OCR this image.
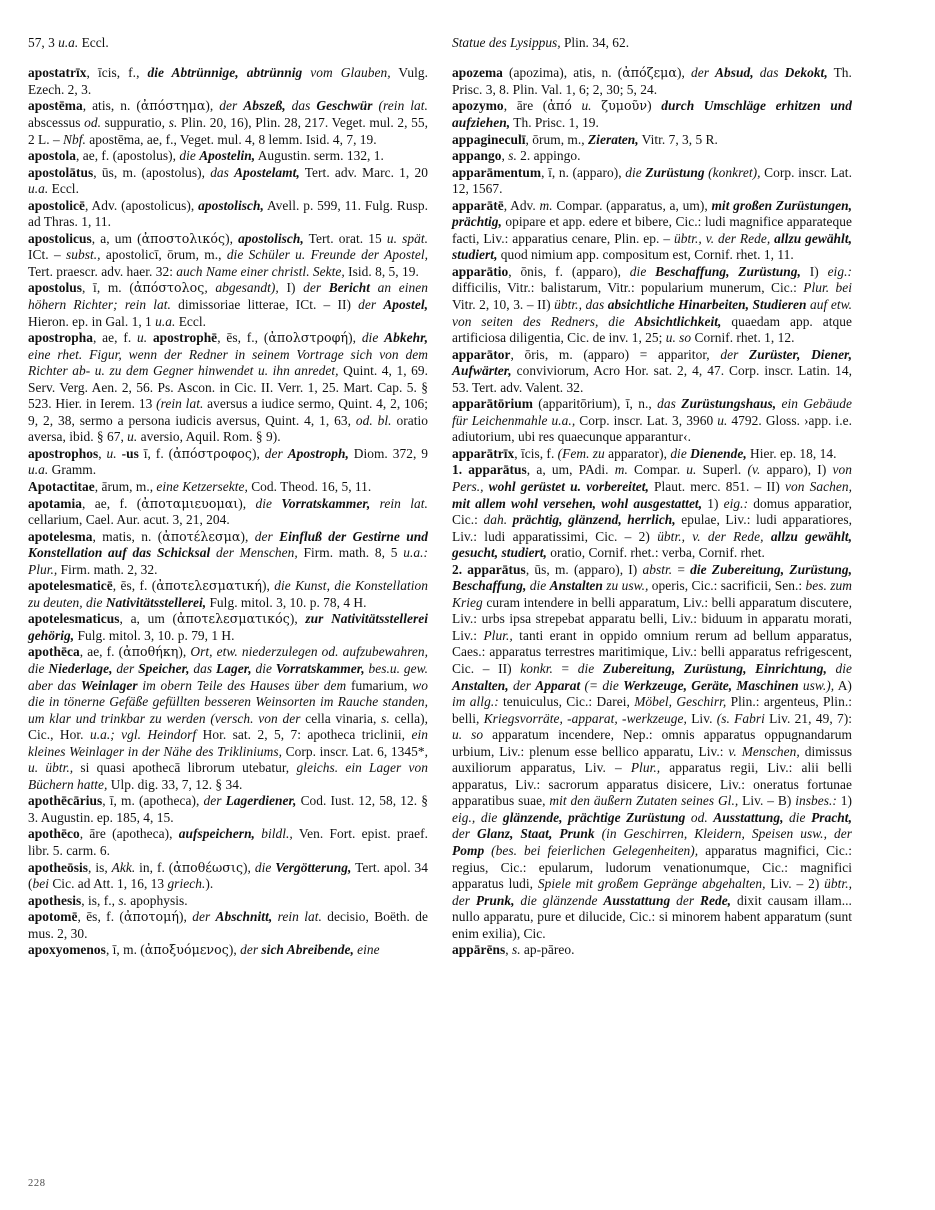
57, 3 u.a. Eccl.

apostatrīx, īcis, f., die Abtrünnige, abtrünnig vom Glauben, Vulg. Ezech. 2, 3.

apostēma, atis, n. (ἀπόστημα), der Abszeß, das Geschwür (rein lat. abscessus od. suppuratio, s. Plin. 20, 16), Plin. 28, 217. Veget. mul. 2, 55, 2 L. – Nbf. apostēma, ae, f., Veget. mul. 4, 8 lemm. Isid. 4, 7, 19.

apostola, ae, f. (apostolus), die Apostelin, Augustin. serm. 132, 1.

apostolātus, ūs, m. (apostolus), das Apostelamt, Tert. adv. Marc. 1, 20 u.a. Eccl.

apostolicē, Adv. (apostolicus), apostolisch, Avell. p. 599, 11. Fulg. Rusp. ad Thras. 1, 11.

apostolicus, a, um (ἀποστολικός), apostolisch, Tert. orat. 15 u. spät. ICt. – subst., apostolicī, ōrum, m., die Schüler u. Freunde der Apostel, Tert. praescr. adv. haer. 32: auch Name einer christl. Sekte, Isid. 8, 5, 19.

apostolus, ī, m. (ἀπόστολος, abgesandt), I) der Bericht an einen höhern Richter; rein lat. dimissoriae litterae, ICt. – II) der Apostel, Hieron. ep. in Gal. 1, 1 u.a. Eccl.

apostropha, ae, f. u. apostrophē, ēs, f., (ἀπολστροφή), die Abkehr, eine rhet. Figur, wenn der Redner in seinem Vortrage sich von dem Richter ab- u. zu dem Gegner hinwendet u. ihn anredet, Quint. 4, 1, 69. Serv. Verg. Aen. 2, 56. Ps. Ascon. in Cic. II. Verr. 1, 25. Mart. Cap. 5. § 523. Hier. in Ierem. 13 (rein lat. aversus a iudice sermo, Quint. 4, 2, 106; 9, 2, 38, sermo a persona iudicis aversus, Quint. 4, 1, 63, od. bl. oratio aversa, ibid. § 67, u. aversio, Aquil. Rom. § 9).

apostrophos, u. -us ī, f. (ἀπόστροφος), der Apostroph, Diom. 372, 9 u.a. Gramm.

Apotactitae, ārum, m., eine Ketzersekte, Cod. Theod. 16, 5, 11.

apotamia, ae, f. (ἀποταμιευομαι), die Vorratskammer, rein lat. cellarium, Cael. Aur. acut. 3, 21, 204.

apotelesma, matis, n. (ἀποτέλεσμα), der Einfluß der Gestirne und Konstellation auf das Schicksal der Menschen, Firm. math. 8, 5 u.a.: Plur., Firm. math. 2, 32.

apotelesmaticē, ēs, f. (ἀποτελεσματική), die Kunst, die Konstellation zu deuten, die Nativitätsstellerei, Fulg. mitol. 3, 10. p. 78, 4 H.

apotelesmaticus, a, um (ἀποτελεσματικός), zur Nativitätsstellerei gehörig, Fulg. mitol. 3, 10. p. 79, 1 H.

apothēca, ae, f. (ἀποθήκη), Ort, etw. niederzulegen od. aufzubewahren, die Niederlage, der Speicher, das Lager, die Vorratskammer, bes.u. gew. aber das Weinlager im obern Teile des Hauses über dem fumarium, wo die in tönerne Gefäße gefüllten besseren Weinsorten im Rauche standen, um klar und trinkbar zu werden (versch. von der cella vinaria, s. cella), Cic., Hor. u.a.; vgl. Heindorf Hor. sat. 2, 5, 7: apotheca triclinii, ein kleines Weinlager in der Nähe des Trikliniums, Corp. inscr. Lat. 6, 1345*, u. übtr., si quasi apothecā librorum utebatur, gleichs. ein Lager von Büchern hatte, Ulp. dig. 33, 7, 12. § 34.

apothēcārius, ī, m. (apotheca), der Lagerdiener, Cod. Iust. 12, 58, 12. § 3. Augustin. ep. 185, 4, 15.

apothēco, āre (apotheca), aufspeichern, bildl., Ven. Fort. epist. praef. libr. 5. carm. 6.

apotheōsis, is, Akk. in, f. (ἀποθέωσις), die Vergötterung, Tert. apol. 34 (bei Cic. ad Att. 1, 16, 13 griech.).

apothesis, is, f., s. apophysis.

apotomē, ēs, f. (ἀποτομή), der Abschnitt, rein lat. decisio, Boëth. de mus. 2, 30.

apoxyomenos, ī, m. (ἀποξυόμενος), der sich Abreibende, eine

Statue des Lysippus, Plin. 34, 62.

apozema (apozima), atis, n. (ἀπόζεμα), der Absud, das Dekokt, Th. Prisc. 3, 8. Plin. Val. 1, 6; 2, 30; 5, 24.

apozymo, āre (ἀπό u. ζυμοῦν) durch Umschläge erhitzen und aufziehen, Th. Prisc. 1, 19.

appagineculī, ōrum, m., Zieraten, Vitr. 7, 3, 5 R.

appango, s. 2. appingo.

apparāmentum, ī, n. (apparo), die Zurüstung (konkret), Corp. inscr. Lat. 12, 1567.

apparātē, Adv. m. Compar. (apparatus, a, um), mit großen Zurüstungen, prächtig, opipare et app. edere et bibere, Cic.: ludi magnifice apparateque facti, Liv.: apparatius cenare, Plin. ep. – übtr., v. der Rede, allzu gewählt, studiert, quod nimium app. compositum est, Cornif. rhet. 1, 11.

apparātio, ōnis, f. (apparo), die Beschaffung, Zurüstung, I) eig.: difficilis, Vitr.: balistarum, Vitr.: popularium munerum, Cic.: Plur. bei Vitr. 2, 10, 3. – II) übtr., das absichtliche Hinarbeiten, Studieren auf etw. von seiten des Redners, die Absichtlichkeit, quaedam app. atque artificiosa diligentia, Cic. de inv. 1, 25; u. so Cornif. rhet. 1, 12.

apparātor, ōris, m. (apparo) = apparitor, der Zurüster, Diener, Aufwärter, conviviorum, Acro Hor. sat. 2, 4, 47. Corp. inscr. Latin. 14, 53. Tert. adv. Valent. 32.

apparātōrium (apparitōrium), ī, n., das Zurüstungshaus, ein Gebäude für Leichenmahle u.a., Corp. inscr. Lat. 3, 3960 u. 4792. Gloss. ›app. i.e. adiutorium, ubi res quaecunque apparantur‹.

apparātrīx, īcis, f. (Fem. zu apparator), die Dienende, Hier. ep. 18, 14.

1. apparātus, a, um, PAdi. m. Compar. u. Superl. (v. apparo), I) von Pers., wohl gerüstet u. vorbereitet, Plaut. merc. 851. – II) von Sachen, mit allem wohl versehen, wohl ausgestattet, 1) eig.: domus apparatior, Cic.: dah. prächtig, glänzend, herrlich, epulae, Liv.: ludi apparatiores, Liv.: ludi apparatissimi, Cic. – 2) übtr., v. der Rede, allzu gewählt, gesucht, studiert, oratio, Cornif. rhet.: verba, Cornif. rhet.

2. apparātus, ūs, m. (apparo), I) abstr. = die Zubereitung, Zurüstung, Beschaffung, die Anstalten zu usw., operis, Cic.: sacrificii, Sen.: bes. zum Krieg curam intendere in belli apparatum, Liv.: belli apparatum discutere, Liv.: urbs ipsa strepebat apparatu belli, Liv.: biduum in apparatu morati, Liv.: Plur., tanti erant in oppido omnium rerum ad bellum apparatus, Caes.: apparatus terrestres maritimique, Liv.: belli apparatus refrigescent, Cic. – II) konkr. = die Zubereitung, Zurüstung, Einrichtung, die Anstalten, der Apparat (= die Werkzeuge, Geräte, Maschinen usw.), A) im allg.: tenuiculus, Cic.: Darei, Möbel, Geschirr, Plin.: argenteus, Plin.: belli, Kriegsvorräte, -apparat, -werkzeuge, Liv. (s. Fabri Liv. 21, 49, 7): u. so apparatum incendere, Nep.: omnis apparatus oppugnandarum urbium, Liv.: plenum esse bellico apparatu, Liv.: v. Menschen, dimissus auxiliorum apparatus, Liv. – Plur., apparatus regii, Liv.: alii belli apparatus, Liv.: sacrorum apparatus disicere, Liv.: oneratus fortunae apparatibus suae, mit den äußern Zutaten seines Gl., Liv. – B) insbes.: 1) eig., die glänzende, prächtige Zurüstung od. Ausstattung, die Pracht, der Glanz, Staat, Prunk (in Geschirren, Kleidern, Speisen usw., der Pomp (bes. bei feierlichen Gelegenheiten), apparatus magnifici, Cic.: regius, Cic.: epularum, ludorum venationumque, Cic.: magnifici apparatus ludi, Spiele mit großem Gepränge abgehalten, Liv. – 2) übtr., der Prunk, die glänzende Ausstattung der Rede, dixit causam illam... nullo apparatu, pure et dilucide, Cic.: si minorem habent apparatum (sunt enim exilia), Cic.

appārēns, s. ap-pāreo.

228
